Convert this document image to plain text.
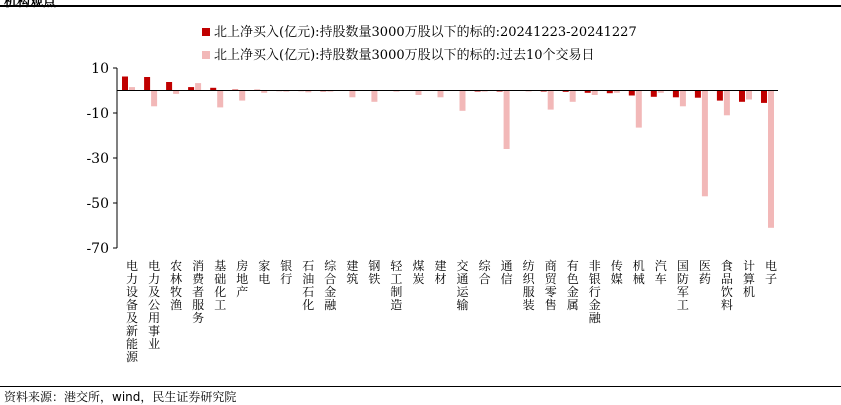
北上净买入(亿元):持股数量3000万股以下的标的:20241223-20241227
北上净买入(亿元):持股数量3000万股以下的标的:过去10个交易日
10
-10
-30
-50
-70
电力设备及新能源
电力及公用事业
农林牧渔
消费者服务
基础化工
房地产
家电
银行
石油石化
综合金融
建筑
钢铁
轻工制造
煤炭
建材
交通运输
综合
通信
纺织服装
商贸零售
有色金属
非银行金融
传媒
机械
汽车
国防军工
医药
食品饮料
计算机
电子
资料来源：港交所，wind，民生证券研究院
